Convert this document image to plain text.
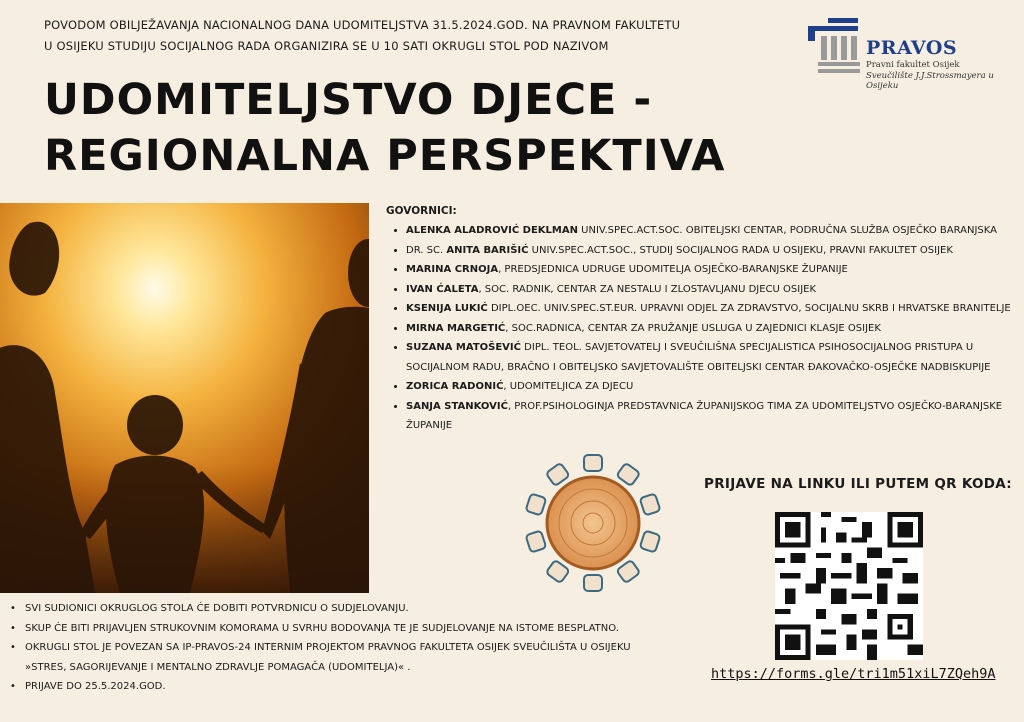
POVODOM OBILJEŽAVANJA NACIONALNOG DANA UDOMITELJSTVA 31.5.2024.GOD. NA PRAVNOM FAKULTETU
U OSIJEKU STUDIJU SOCIJALNOG RADA ORGANIZIRA SE U 10 SATI OKRUGLI STOL POD NAZIVOM
UDOMITELJSTVO DJECE -
REGIONALNA PERSPEKTIVA
PRAVOS
Pravni fakultet Osijek
Sveučilište J.J.Strossmayera u Osijeku
GOVORNICI:
• ALENKA ALADROVIĆ DEKLMAN UNIV.SPEC.ACT.SOC. OBITELJSKI CENTAR, PODRUČNA SLUŽBA OSJEČKO BARANJSKA
• DR. SC. ANITA BARIŠIĆ UNIV.SPEC.ACT.SOC., STUDIJ SOCIJALNOG RADA U OSIJEKU, PRAVNI FAKULTET OSIJEK
• MARINA CRNOJA, PREDSJEDNICA UDRUGE UDOMITELJA OSJEČKO-BARANJSKE ŽUPANIJE
• IVAN ĆALETA, SOC. RADNIK, CENTAR ZA NESTALU I ZLOSTAVLJANU DJECU OSIJEK
• KSENIJA LUKIĆ DIPL.OEC. UNIV.SPEC.ST.EUR. UPRAVNI ODJEL ZA ZDRAVSTVO, SOCIJALNU SKRB I HRVATSKE BRANITELJE
• MIRNA MARGETIĆ, SOC.RADNICA, CENTAR ZA PRUŽANJE USLUGA U ZAJEDNICI KLASJE OSIJEK
• SUZANA MATOŠEVIĆ DIPL. TEOL. SAVJETOVATELJ I SVEUČILIŠNA SPECIJALISTICA PSIHOSOCIJALNOG PRISTUPA U SOCIJALNOM RADU, BRAČNO I OBITELJSKO SAVJETOVALIŠTE OBITELJSKI CENTAR ĐAKOVAČKO-OSJEČKE NADBISKUPIJE
• ZORICA RADONIĆ, UDOMITELJICA ZA DJECU
• SANJA STANKOVIĆ, PROF.PSIHOLOGINJA PREDSTAVNICA ŽUPANIJSKOG TIMA ZA UDOMITELJSTVO OSJEČKO-BARANJSKE ŽUPANIJE
• SVI SUDIONICI OKRUGLOG STOLA ĆE DOBITI POTVRDNICU O SUDJELOVANJU.
• SKUP ĆE BITI PRIJAVLJEN STRUKOVNIM KOMORAMA U SVRHU BODOVANJA TE JE SUDJELOVANJE NA ISTOME BESPLATNO.
• OKRUGLI STOL JE POVEZAN SA IP-PRAVOS-24 INTERNIM PROJEKTOM PRAVNOG FAKULTETA OSIJEK SVEUČILIŠTA U OSIJEKU
»STRES, SAGORIJEVANJE I MENTALNO ZDRAVLJE POMAGAČA (UDOMITELJA)« .
• PRIJAVE DO 25.5.2024.GOD.
PRIJAVE NA LINKU ILI PUTEM QR KODA:
https://forms.gle/tri1m51xiL7ZQeh9A
